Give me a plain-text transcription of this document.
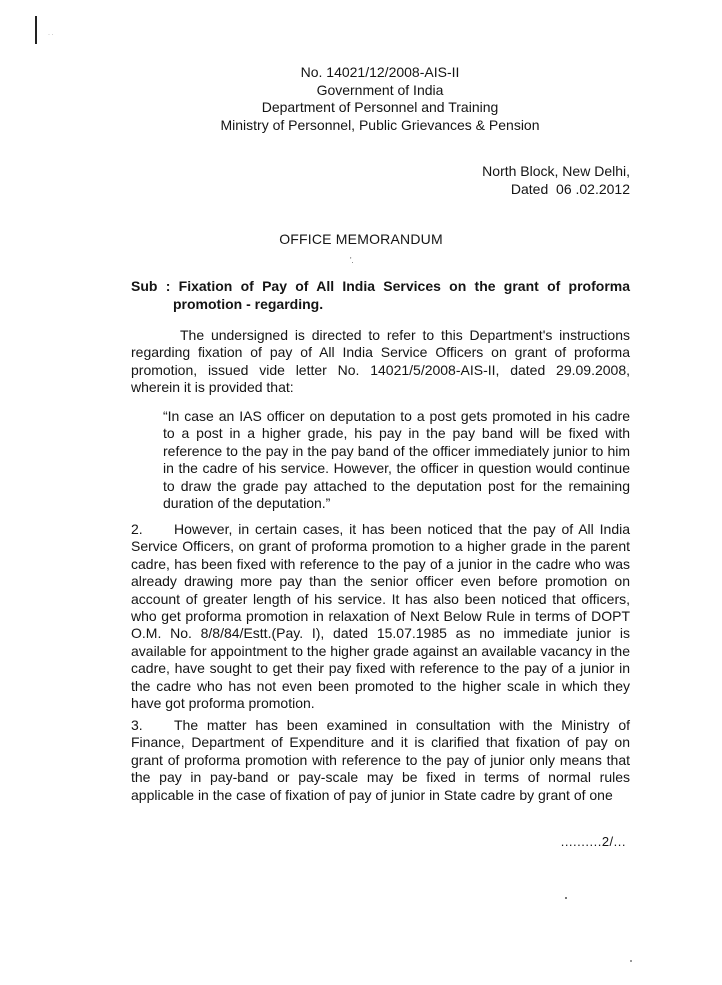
· ·
No. 14021/12/2008-AIS-II
Government of India
Department of Personnel and Training
Ministry of Personnel, Public Grievances & Pension
North Block, New Delhi,
Dated  06 .02.2012
OFFICE MEMORANDUM
'.
Sub : Fixation of Pay of All India Services on the grant of proforma
promotion - regarding.
The undersigned is directed to refer to this Department's instructions regarding fixation of pay of All India Service Officers on grant of proforma promotion, issued vide letter No. 14021/5/2008-AIS-II, dated 29.09.2008, wherein it is provided that:
“In case an IAS officer on deputation to a post gets promoted in his cadre to a post in a higher grade, his pay in the pay band will be fixed with reference to the pay in the pay band of the officer immediately junior to him in the cadre of his service. However, the officer in question would continue to draw the grade pay attached to the deputation post for the remaining duration of the deputation.”
2. However, in certain cases, it has been noticed that the pay of All India Service Officers, on grant of proforma promotion to a higher grade in the parent cadre, has been fixed with reference to the pay of a junior in the cadre who was already drawing more pay than the senior officer even before promotion on account of greater length of his service. It has also been noticed that officers, who get proforma promotion in relaxation of Next Below Rule in terms of DOPT O.M. No. 8/8/84/Estt.(Pay. I), dated 15.07.1985 as no immediate junior is available for appointment to the higher grade against an available vacancy in the cadre, have sought to get their pay fixed with reference to the pay of a junior in the cadre who has not even been promoted to the higher scale in which they have got proforma promotion.
3. The matter has been examined in consultation with the Ministry of Finance, Department of Expenditure and it is clarified that fixation of pay on grant of proforma promotion with reference to the pay of junior only means that the pay in pay-band or pay-scale may be fixed in terms of normal rules applicable in the case of fixation of pay of junior in State cadre by grant of one
..........2/...
